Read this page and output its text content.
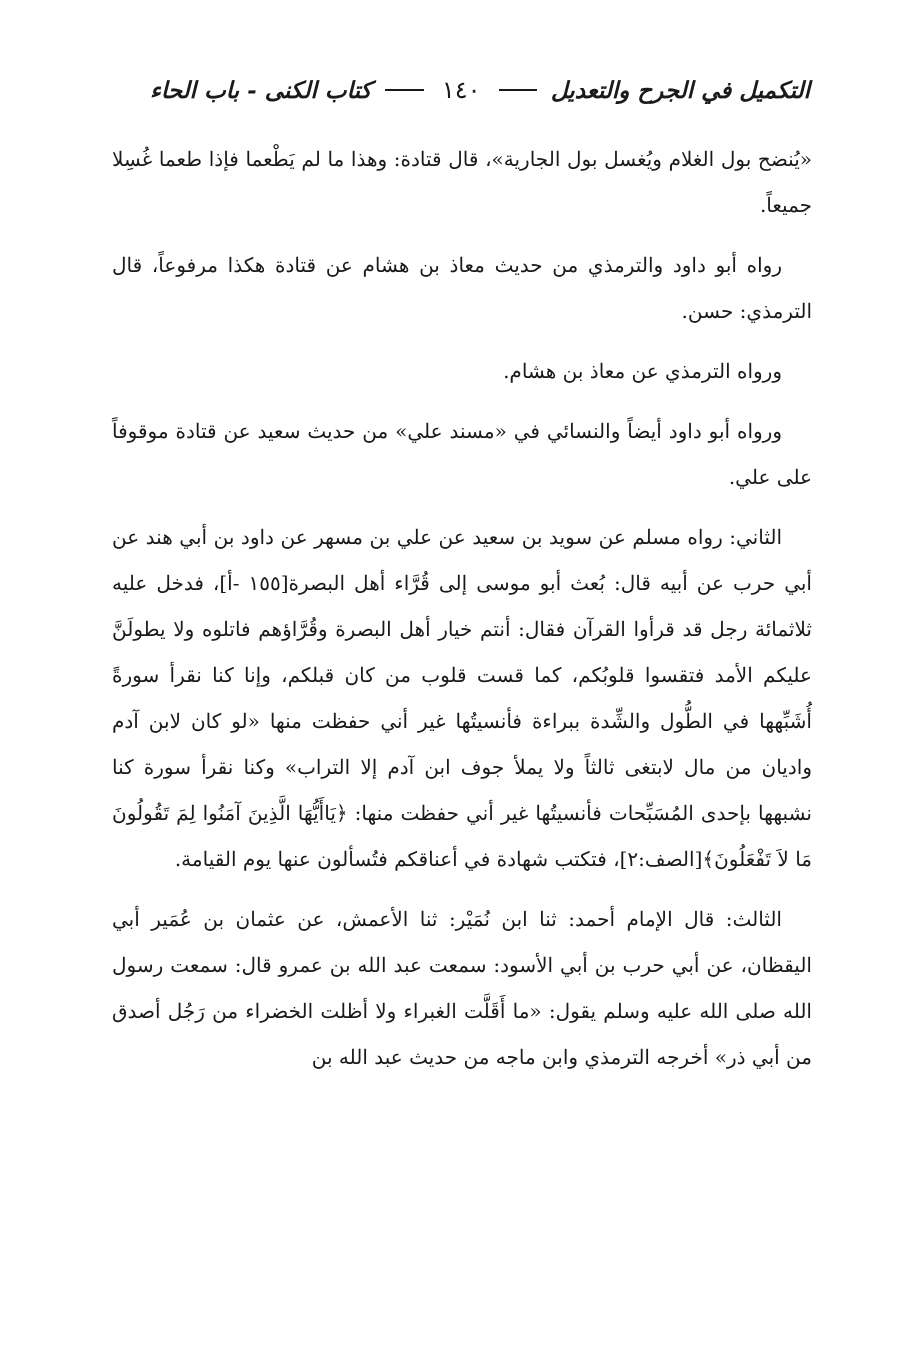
التكميل في الجرح والتعديل
١٤٠
كتاب الكنى - باب الحاء

«يُنضح بول الغلام ويُغسل بول الجارية»، قال قتادة: وهذا ما لم يَطْعما فإذا طعما غُسِلا جميعاً.

رواه أبو داود والترمذي من حديث معاذ بن هشام عن قتادة هكذا مرفوعاً، قال الترمذي: حسن.

ورواه الترمذي عن معاذ بن هشام.

ورواه أبو داود أيضاً والنسائي في «مسند علي» من حديث سعيد عن قتادة موقوفاً على علي.

الثاني: رواه مسلم عن سويد بن سعيد عن علي بن مسهر عن داود بن أبي هند عن أبي حرب عن أبيه قال: بُعث أبو موسى إلى قُرَّاء أهل البصرة[١٥٥ -أ]، فدخل عليه ثلاثمائة رجل قد قرأوا القرآن فقال: أنتم خيار أهل البصرة وقُرَّاؤهم فاتلوه ولا يطولَنَّ عليكم الأمد فتقسوا قلوبُكم، كما قست قلوب من كان قبلكم، وإنا كنا نقرأ سورةً أُشَبِّهها في الطُّول والشِّدة ببراءة فأنسيتُها غير أني حفظت منها «لو كان لابن آدم واديان من مال لابتغى ثالثاً ولا يملأ جوف ابن آدم إلا التراب» وكنا نقرأ سورة كنا نشبهها بإحدى المُسَبِّحات فأنسيتُها غير أني حفظت منها: ﴿يَاأَيُّهَا الَّذِينَ آمَنُوا لِمَ تَقُولُونَ مَا لاَ تَفْعَلُونَ﴾[الصف:٢]، فتكتب شهادة في أعناقكم فتُسألون عنها يوم القيامة.

الثالث: قال الإمام أحمد: ثنا ابن نُمَيْر: ثنا الأعمش، عن عثمان بن عُمَير أبي اليقظان، عن أبي حرب بن أبي الأسود: سمعت عبد الله بن عمرو قال: سمعت رسول الله صلى الله عليه وسلم يقول: «ما أَقَلَّت الغبراء ولا أظلت الخضراء من رَجُل أصدق من أبي ذر» أخرجه الترمذي وابن ماجه من حديث عبد الله بن
